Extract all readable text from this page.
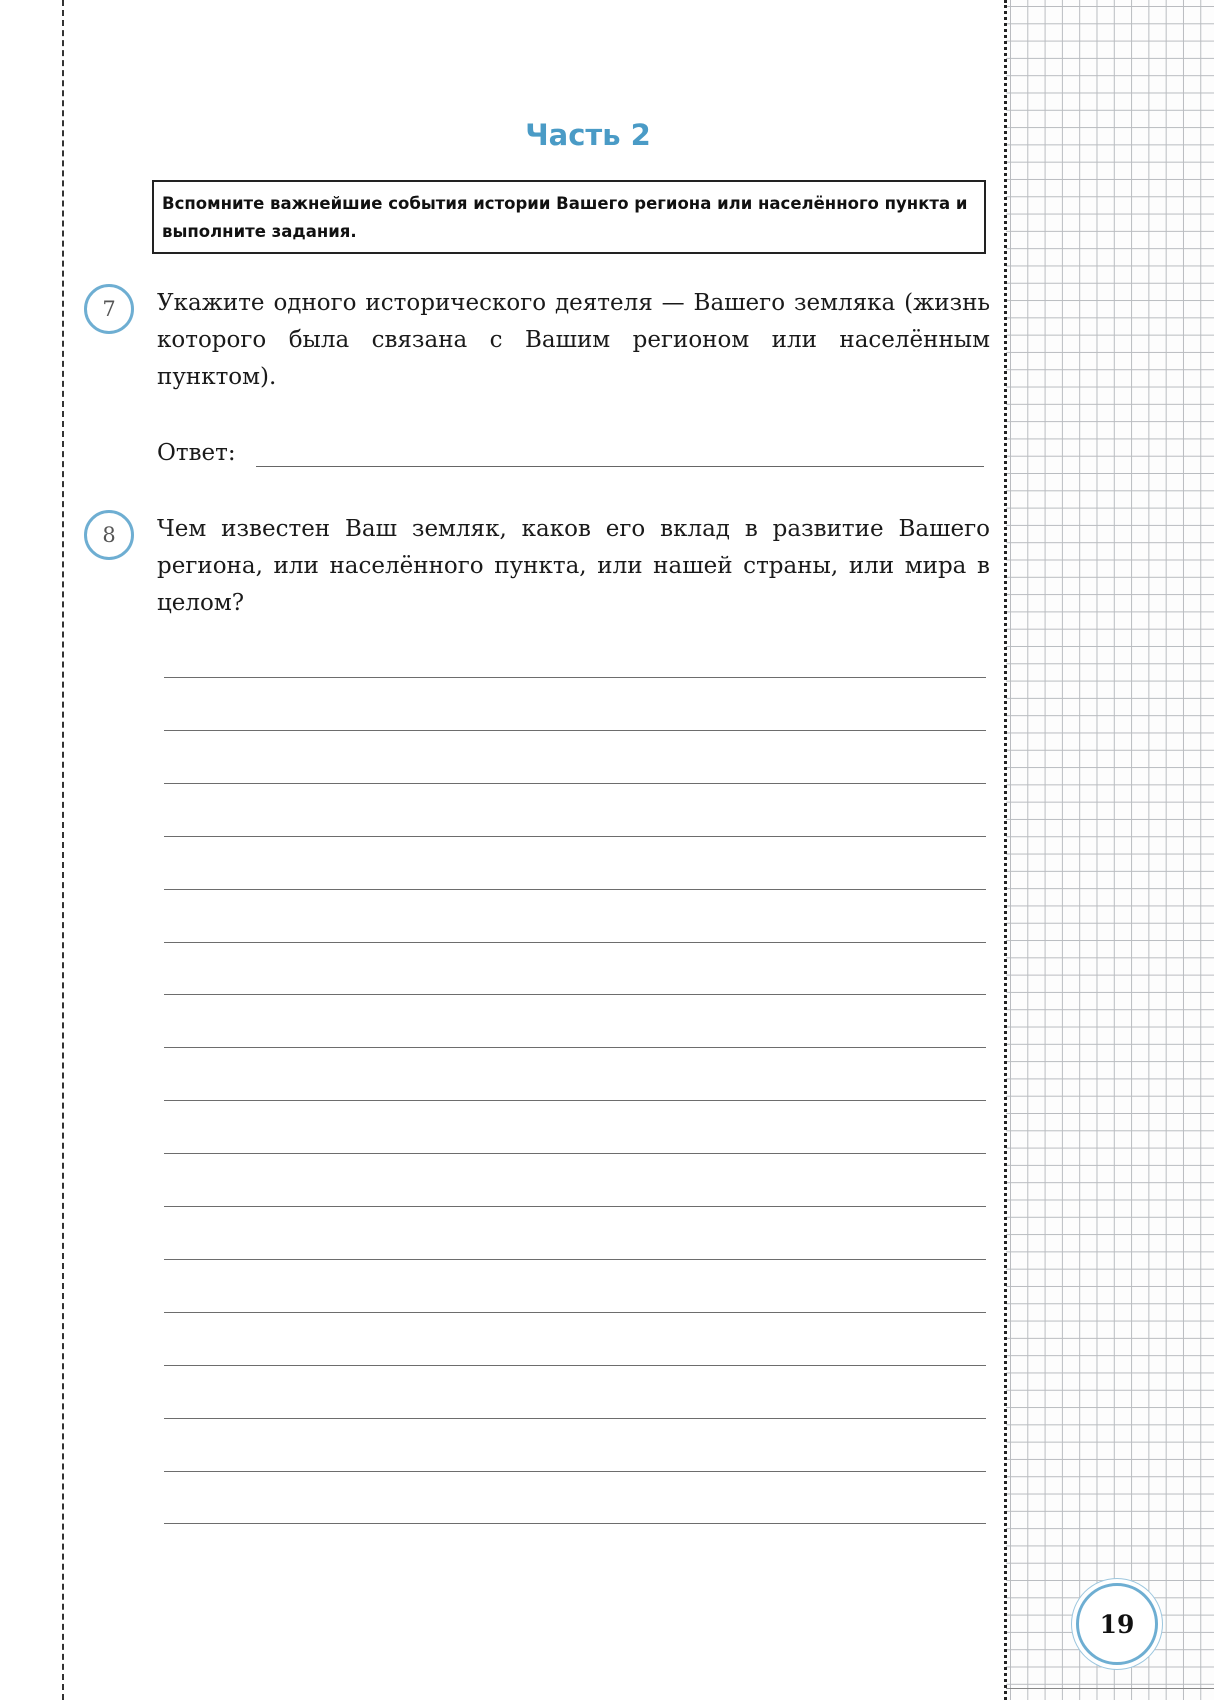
Часть 2
Вспомните важнейшие события истории Вашего региона или населённого пункта и выполните задания.
7	Укажите одного исторического деятеля — Вашего земляка (жизнь которого была связана с Вашим регионом или населённым пунктом).
Ответ:
8	Чем известен Ваш земляк, каков его вклад в развитие Вашего региона, или населённого пункта, или нашей страны, или мира в целом?
19
